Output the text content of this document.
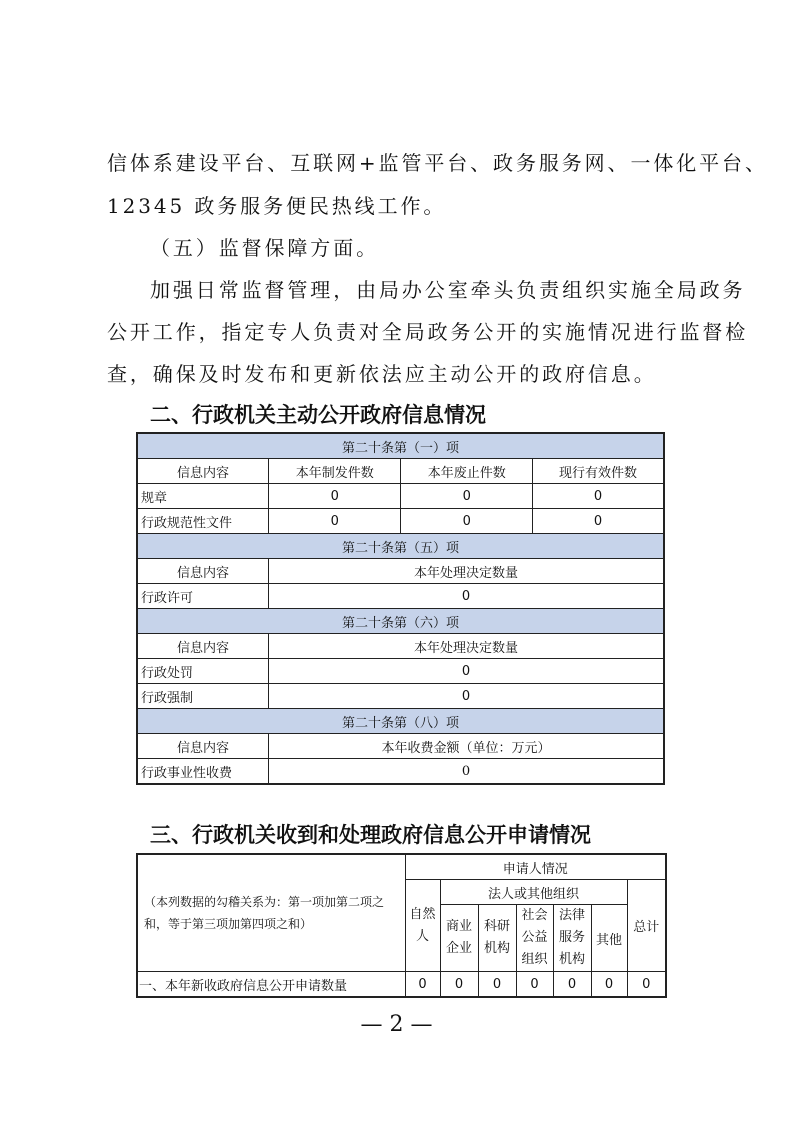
信体系建设平台、互联网+监管平台、政务服务网、一体化平台、
12345 政务服务便民热线工作。
（五）监督保障方面。
加强日常监督管理，由局办公室牵头负责组织实施全局政务
公开工作，指定专人负责对全局政务公开的实施情况进行监督检
查，确保及时发布和更新依法应主动公开的政府信息。
二、行政机关主动公开政府信息情况
第二十条第（一）项			
信息内容	本年制发件数	本年废止件数	现行有效件数
规章	0	0	0
行政规范性文件	0	0	0
第二十条第（五）项			
信息内容	本年处理决定数量		
行政许可	0		
第二十条第（六）项			
信息内容	本年处理决定数量		
行政处罚	0		
行政强制	0		
第二十条第（八）项			
信息内容	本年收费金额（单位：万元）		
行政事业性收费	0		
三、行政机关收到和处理政府信息公开申请情况
（本列数据的勾稽关系为：第一项加第二项之和，等于第三项加第四项之和）	申请人情况						
	自然人	法人或其他组织					总计
		商业企业	科研机构	社会公益组织	法律服务机构	其他	
一、本年新收政府信息公开申请数量	0	0	0	0	0	0	0
— 2 —
